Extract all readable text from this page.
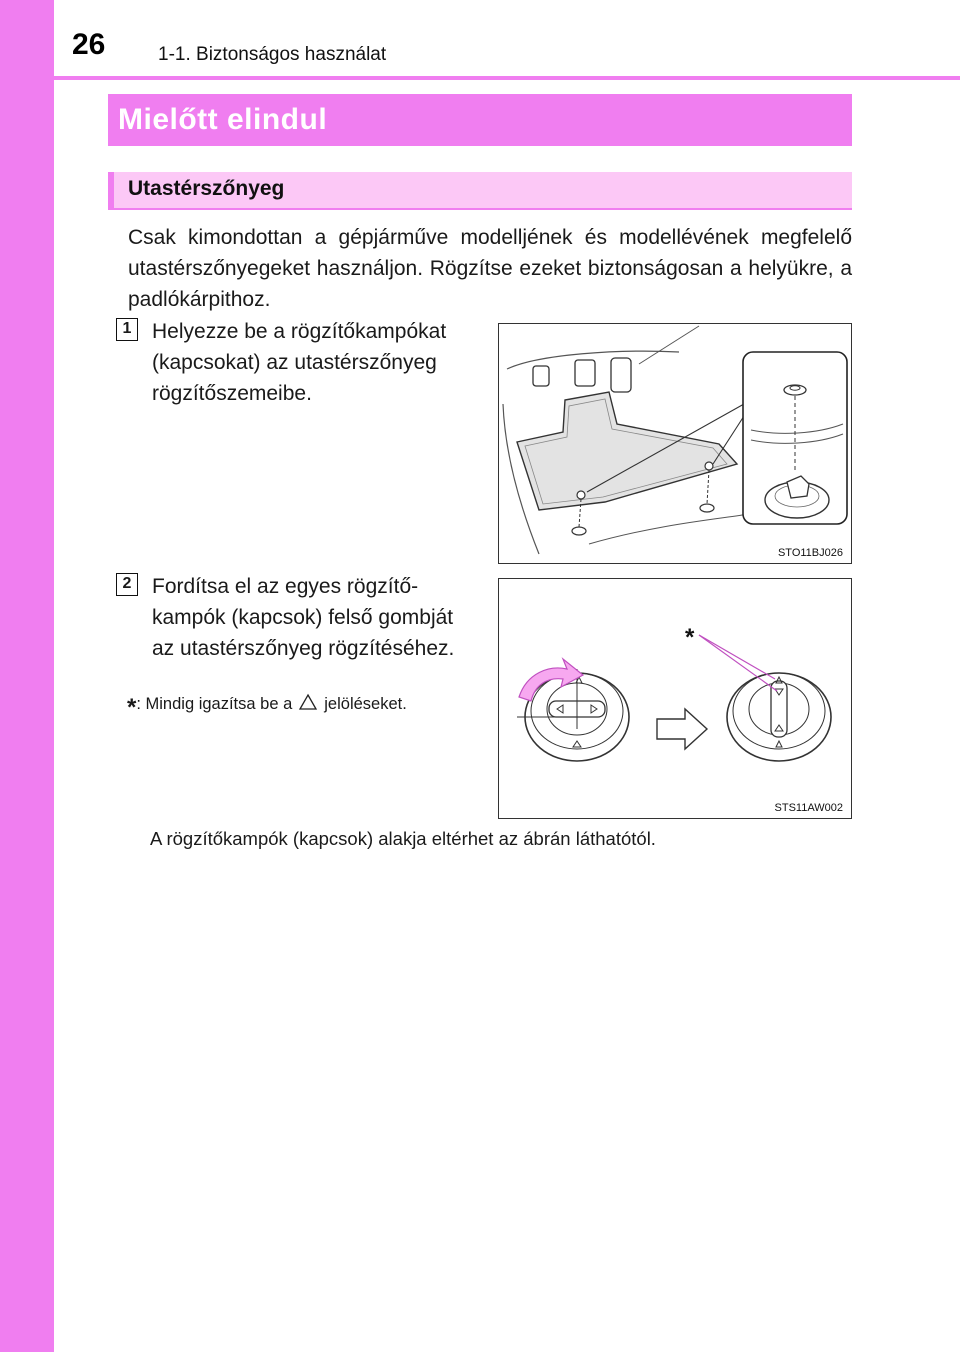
26	1-1. Biztonságos használat
Mielőtt elindul
Utastérszőnyeg

Csak kimondottan a gépjárműve modelljének és modellévének megfelelő utastérszőnyegeket használjon. Rögzítse ezeket biztonságosan a helyükre, a padlókárpithoz.

1 Helyezze be a rögzítőkampókat (kapcsokat) az utastérszőnyeg rögzítőszemeibe.

STO11BJ026
2 Fordítsa el az egyes rögzítőkampók (kapcsok) felső gombját az utastérszőnyeg rögzítéséhez.

*: Mindig igazítsa be a jelöléseket.
*
STS11AW002

A rögzítőkampók (kapcsok) alakja eltérhet az ábrán láthatótól.
